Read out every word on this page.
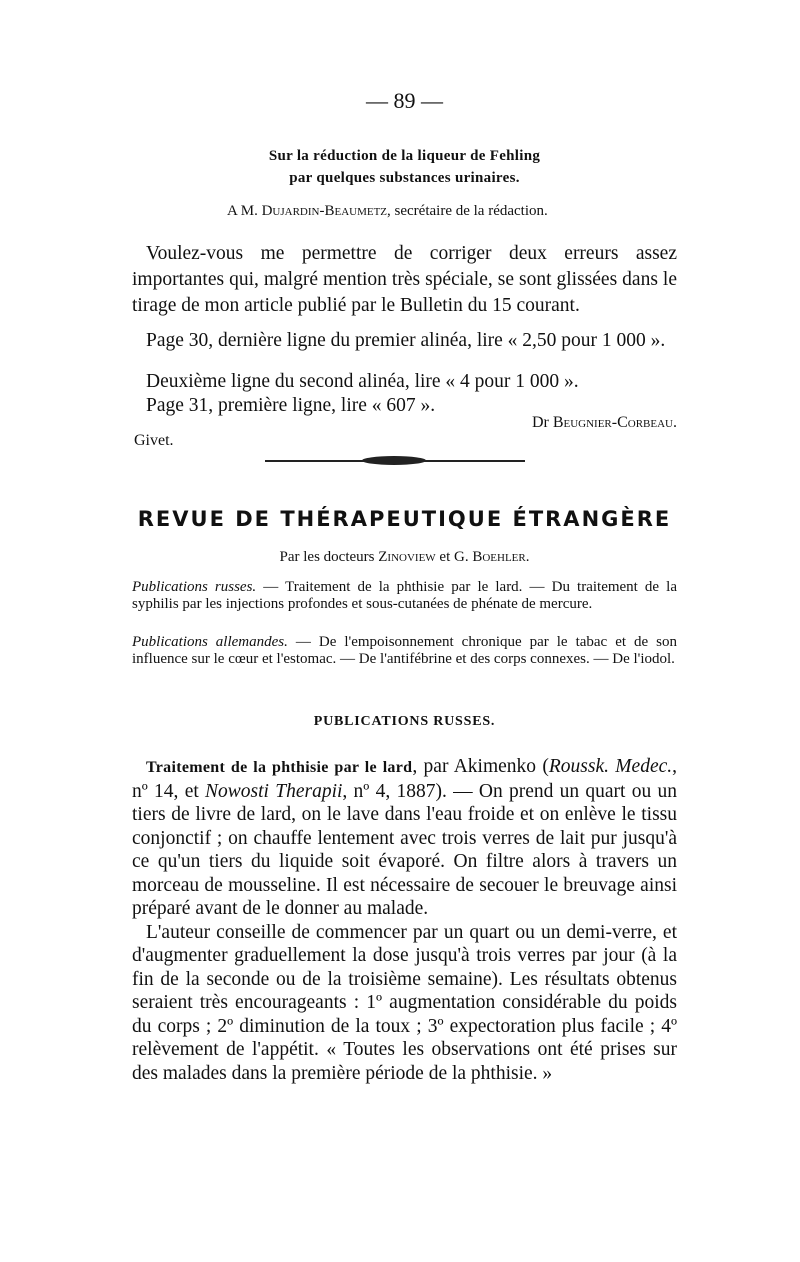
— 89 —
Sur la réduction de la liqueur de Fehling
par quelques substances urinaires.
A M. Dujardin-Beaumetz, secrétaire de la rédaction.
Voulez-vous me permettre de corriger deux erreurs assez importantes qui, malgré mention très spéciale, se sont glissées dans le tirage de mon article publié par le Bulletin du 15 courant.
Page 30, dernière ligne du premier alinéa, lire « 2,50 pour 1 000 ».
Deuxième ligne du second alinéa, lire « 4 pour 1 000 ».
Page 31, première ligne, lire « 607 ».
Dr Beugnier-Corbeau.
Givet.
REVUE DE THÉRAPEUTIQUE ÉTRANGÈRE
Par les docteurs Zinoview et G. Boehler.
Publications russes. — Traitement de la phthisie par le lard. — Du traitement de la syphilis par les injections profondes et sous-cutanées de phénate de mercure.
Publications allemandes. — De l'empoisonnement chronique par le tabac et de son influence sur le cœur et l'estomac. — De l'antifébrine et des corps connexes. — De l'iodol.
PUBLICATIONS RUSSES.

Traitement de la phthisie par le lard, par Akimenko (Roussk. Medec., nº 14, et Nowosti Therapii, nº 4, 1887). — On prend un quart ou un tiers de livre de lard, on le lave dans l'eau froide et on enlève le tissu conjonctif ; on chauffe lentement avec trois verres de lait pur jusqu'à ce qu'un tiers du liquide soit évaporé. On filtre alors à travers un morceau de mousseline. Il est nécessaire de secouer le breuvage ainsi préparé avant de le donner au malade.

L'auteur conseille de commencer par un quart ou un demi-verre, et d'augmenter graduellement la dose jusqu'à trois verres par jour (à la fin de la seconde ou de la troisième semaine). Les résultats obtenus seraient très encourageants : 1º augmentation considérable du poids du corps ; 2º diminution de la toux ; 3º expectoration plus facile ; 4º relèvement de l'appétit. « Toutes les observations ont été prises sur des malades dans la première période de la phthisie. »
